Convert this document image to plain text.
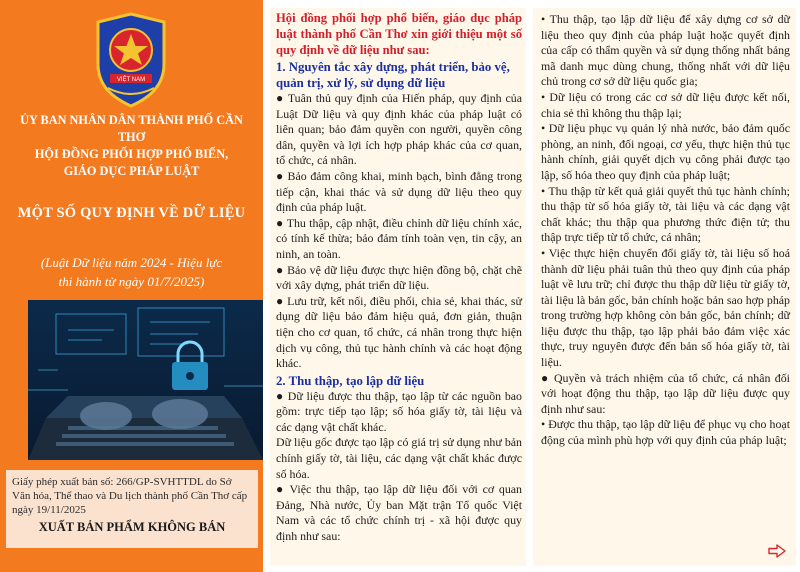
VIỆT NAM
ỦY BAN NHÂN DÂN THÀNH PHỐ CẦN THƠ
HỘI ĐỒNG PHỐI HỢP PHỔ BIẾN,
GIÁO DỤC PHÁP LUẬT
MỘT SỐ QUY ĐỊNH VỀ DỮ LIỆU
(Luật Dữ liệu năm 2024 - Hiệu lực
thi hành từ ngày 01/7/2025)
Giấy phép xuất bản số: 266/GP-SVHTTDL do Sở Văn hóa, Thể thao và Du lịch thành phố Cần Thơ cấp ngày 19/11/2025
XUẤT BẢN PHẨM KHÔNG BÁN
Hội đồng phối hợp phổ biến, giáo dục pháp luật thành phố Cần Thơ xin giới thiệu một số quy định về dữ liệu như sau:
1. Nguyên tắc xây dựng, phát triển, bảo vệ, quản trị, xử lý, sử dụng dữ liệu
● Tuân thủ quy định của Hiến pháp, quy định của Luật Dữ liệu và quy định khác của pháp luật có liên quan; bảo đảm quyền con người, quyền công dân, quyền và lợi ích hợp pháp khác của cơ quan, tổ chức, cá nhân.
● Bảo đảm công khai, minh bạch, bình đẳng trong tiếp cận, khai thác và sử dụng dữ liệu theo quy định của pháp luật.
● Thu thập, cập nhật, điều chỉnh dữ liệu chính xác, có tính kế thừa; bảo đảm tính toàn vẹn, tin cậy, an ninh, an toàn.
● Bảo vệ dữ liệu được thực hiện đồng bộ, chặt chẽ với xây dựng, phát triển dữ liệu.
● Lưu trữ, kết nối, điều phối, chia sẻ, khai thác, sử dụng dữ liệu bảo đảm hiệu quả, đơn giản, thuận tiện cho cơ quan, tổ chức, cá nhân trong thực hiện dịch vụ công, thủ tục hành chính và các hoạt động khác.
2. Thu thập, tạo lập dữ liệu
● Dữ liệu được thu thập, tạo lập từ các nguồn bao gồm: trực tiếp tạo lập; số hóa giấy tờ, tài liệu và các dạng vật chất khác.
Dữ liệu gốc được tạo lập có giá trị sử dụng như bản chính giấy tờ, tài liệu, các dạng vật chất khác được số hóa.
● Việc thu thập, tạo lập dữ liệu đối với cơ quan Đảng, Nhà nước, Ủy ban Mặt trận Tổ quốc Việt Nam và các tổ chức chính trị - xã hội được quy định như sau:
• Thu thập, tạo lập dữ liệu để xây dựng cơ sở dữ liệu theo quy định của pháp luật hoặc quyết định của cấp có thẩm quyền và sử dụng thống nhất bảng mã danh mục dùng chung, thống nhất với dữ liệu chủ trong cơ sở dữ liệu quốc gia;
• Dữ liệu có trong các cơ sở dữ liệu được kết nối, chia sẻ thì không thu thập lại;
• Dữ liệu phục vụ quản lý nhà nước, bảo đảm quốc phòng, an ninh, đối ngoại, cơ yếu, thực hiện thủ tục hành chính, giải quyết dịch vụ công phải được tạo lập, số hóa theo quy định của pháp luật;
• Thu thập từ kết quả giải quyết thủ tục hành chính; thu thập từ số hóa giấy tờ, tài liệu và các dạng vật chất khác; thu thập qua phương thức điện tử; thu thập trực tiếp từ tổ chức, cá nhân;
• Việc thực hiện chuyển đổi giấy tờ, tài liệu số hoá thành dữ liệu phải tuân thủ theo quy định của pháp luật về lưu trữ; chỉ được thu thập dữ liệu từ giấy tờ, tài liệu là bản gốc, bản chính hoặc bản sao hợp pháp trong trường hợp không còn bản gốc, bản chính; dữ liệu được thu thập, tạo lập phải bảo đảm việc xác thực, truy nguyên được đến bản số hóa giấy tờ, tài liệu.
● Quyền và trách nhiệm của tổ chức, cá nhân đối với hoạt động thu thập, tạo lập dữ liệu được quy định như sau:
• Được thu thập, tạo lập dữ liệu để phục vụ cho hoạt động của mình phù hợp với quy định của pháp luật;
